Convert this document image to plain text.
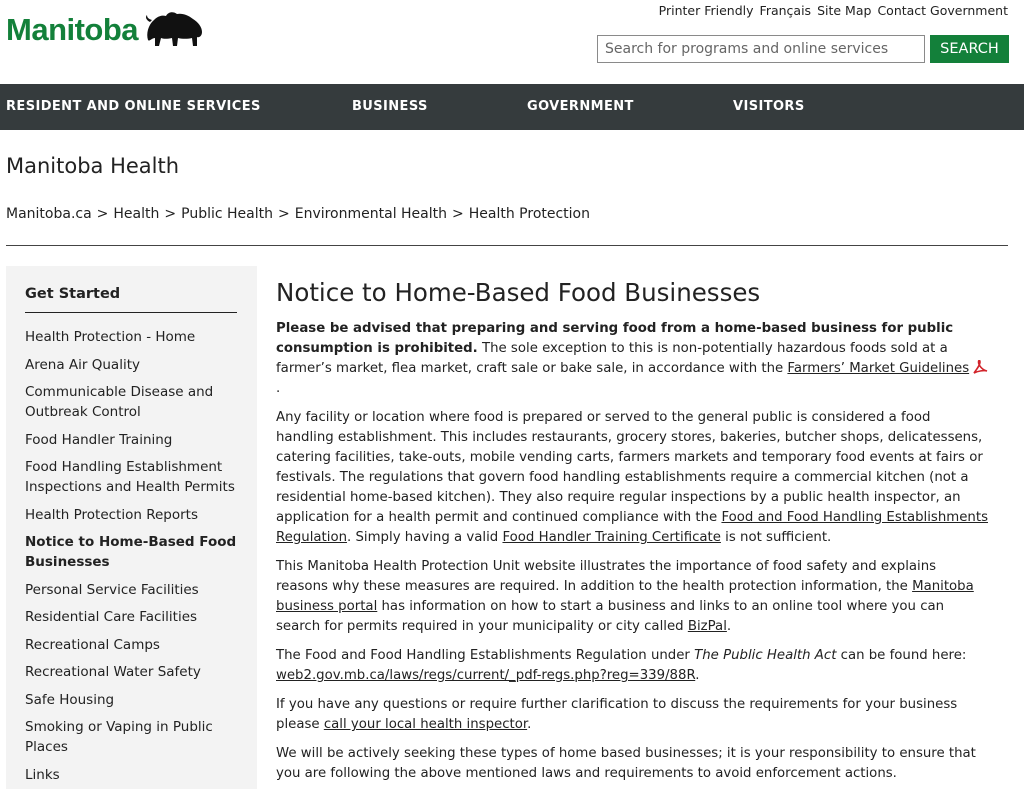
Manitoba
Printer Friendly Français Site Map Contact Government
Search for programs and online services
SEARCH
RESIDENT AND ONLINE SERVICES	BUSINESS	GOVERNMENT	VISITORS
Manitoba Health
Manitoba.ca > Health > Public Health > Environmental Health > Health Protection
Get Started
Health Protection - Home
Arena Air Quality
Communicable Disease and Outbreak Control
Food Handler Training
Food Handling Establishment Inspections and Health Permits
Health Protection Reports
Notice to Home-Based Food Businesses
Personal Service Facilities
Residential Care Facilities
Recreational Camps
Recreational Water Safety
Safe Housing
Smoking or Vaping in Public Places
Links
Notice to Home-Based Food Businesses

Please be advised that preparing and serving food from a home-based business for public consumption is prohibited. The sole exception to this is non-potentially hazardous foods sold at a farmer’s market, flea market, craft sale or bake sale, in accordance with the Farmers’ Market Guidelines.

Any facility or location where food is prepared or served to the general public is considered a food handling establishment. This includes restaurants, grocery stores, bakeries, butcher shops, delicatessens, catering facilities, take-outs, mobile vending carts, farmers markets and temporary food events at fairs or festivals. The regulations that govern food handling establishments require a commercial kitchen (not a residential home-based kitchen). They also require regular inspections by a public health inspector, an application for a health permit and continued compliance with the Food and Food Handling Establishments Regulation. Simply having a valid Food Handler Training Certificate is not sufficient.

This Manitoba Health Protection Unit website illustrates the importance of food safety and explains reasons why these measures are required. In addition to the health protection information, the Manitoba business portal has information on how to start a business and links to an online tool where you can search for permits required in your municipality or city called BizPal.

The Food and Food Handling Establishments Regulation under The Public Health Act can be found here: web2.gov.mb.ca/laws/regs/current/_pdf-regs.php?reg=339/88R.

If you have any questions or require further clarification to discuss the requirements for your business please call your local health inspector.

We will be actively seeking these types of home based businesses; it is your responsibility to ensure that you are following the above mentioned laws and requirements to avoid enforcement actions.
